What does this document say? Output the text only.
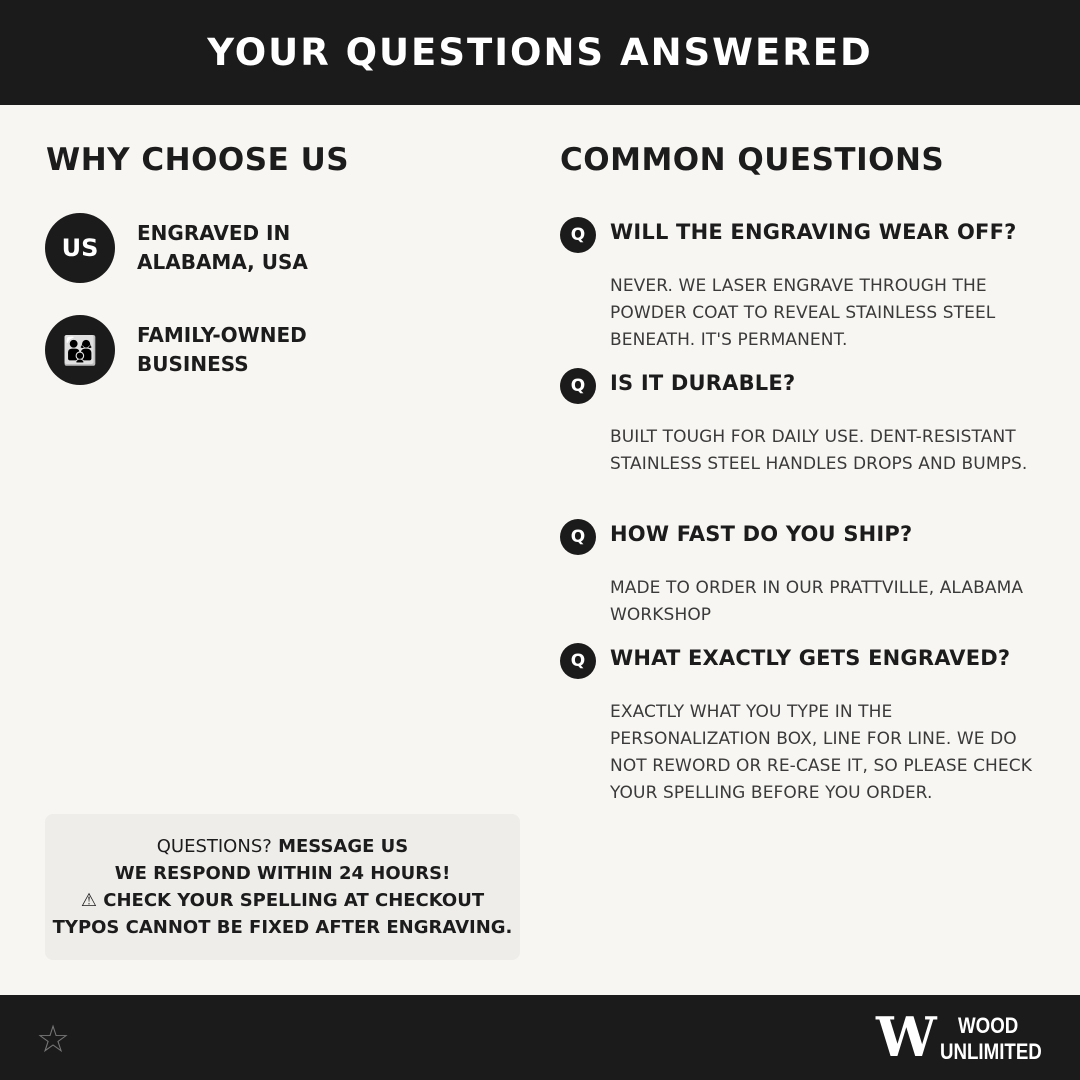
YOUR QUESTIONS ANSWERED
WHY CHOOSE US
US
ENGRAVED IN
ALABAMA, USA
👨‍👩‍👦	FAMILY-OWNED
BUSINESS
COMMON QUESTIONS
Q	WILL THE ENGRAVING WEAR OFF?
NEVER. WE LASER ENGRAVE THROUGH THE POWDER COAT TO REVEAL STAINLESS STEEL BENEATH. IT'S PERMANENT.
Q	IS IT DURABLE?
BUILT TOUGH FOR DAILY USE. DENT-RESISTANT STAINLESS STEEL HANDLES DROPS AND BUMPS.
Q	HOW FAST DO YOU SHIP?
MADE TO ORDER IN OUR PRATTVILLE, ALABAMA WORKSHOP
Q	WHAT EXACTLY GETS ENGRAVED?
EXACTLY WHAT YOU TYPE IN THE PERSONALIZATION BOX, LINE FOR LINE. WE DO NOT REWORD OR RE-CASE IT, SO PLEASE CHECK YOUR SPELLING BEFORE YOU ORDER.
QUESTIONS? MESSAGE US
WE RESPOND WITHIN 24 HOURS!
⚠ CHECK YOUR SPELLING AT CHECKOUT
TYPOS CANNOT BE FIXED AFTER ENGRAVING.
☆	W WOOD
UNLIMITED
